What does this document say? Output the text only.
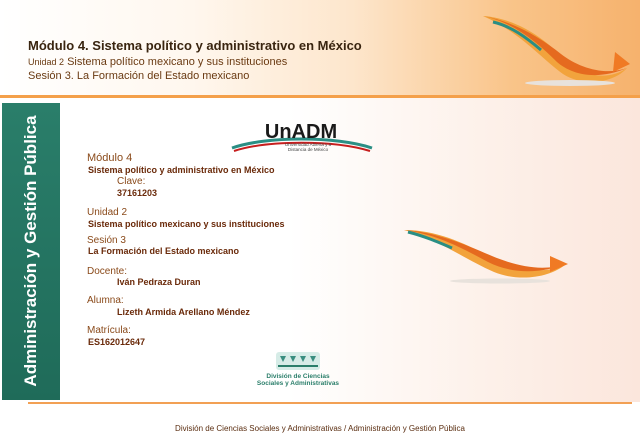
Módulo 4. Sistema político y administrativo en México
Unidad 2 Sistema político mexicano y sus instituciones
Sesión 3. La Formación del Estado mexicano
Administración y Gestión Pública	UnADM
Universidad Abierta y a
Distancia de México
Módulo 4
Sistema político y administrativo en México
Clave:
37161203
Unidad 2
Sistema político mexicano y sus instituciones
Sesión 3
La Formación del Estado mexicano
Docente:
Iván Pedraza Duran
Alumna:
Lizeth Armida Arellano Méndez
Matrícula:
ES162012647
División de Ciencias
Sociales y Administrativas
División de Ciencias Sociales y Administrativas / Administración y Gestión Pública
